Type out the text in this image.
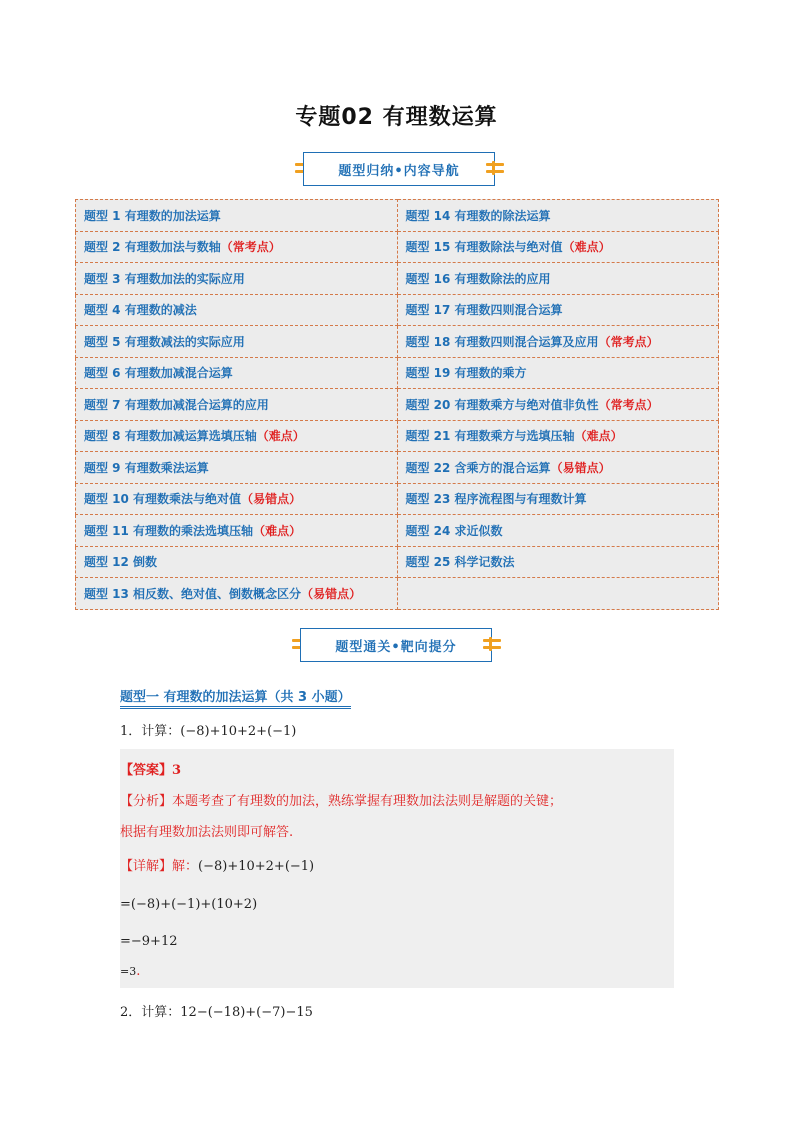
专题02 有理数运算
题型归纳•内容导航
题型 1 有理数的加法运算	题型 14 有理数的除法运算
题型 2 有理数加法与数轴（常考点）	题型 15 有理数除法与绝对值（难点）
题型 3 有理数加法的实际应用	题型 16 有理数除法的应用
题型 4 有理数的减法	题型 17 有理数四则混合运算
题型 5 有理数减法的实际应用	题型 18 有理数四则混合运算及应用（常考点）
题型 6 有理数加减混合运算	题型 19 有理数的乘方
题型 7 有理数加减混合运算的应用	题型 20 有理数乘方与绝对值非负性（常考点）
题型 8 有理数加减运算选填压轴（难点）	题型 21 有理数乘方与选填压轴（难点）
题型 9 有理数乘法运算	题型 22 含乘方的混合运算（易错点）
题型 10 有理数乘法与绝对值（易错点）	题型 23 程序流程图与有理数计算
题型 11 有理数的乘法选填压轴（难点）	题型 24 求近似数
题型 12 倒数	题型 25 科学记数法
题型 13 相反数、绝对值、倒数概念区分（易错点）	
题型通关•靶向提分
题型一 有理数的加法运算（共 3 小题）
1．计算：(−8)+10+2+(−1)
【答案】3
【分析】本题考查了有理数的加法，熟练掌握有理数加法法则是解题的关键；
根据有理数加法法则即可解答.
【详解】解：(−8)+10+2+(−1)
=(−8)+(−1)+(10+2)
=−9+12
=3.
2．计算：12−(−18)+(−7)−15
